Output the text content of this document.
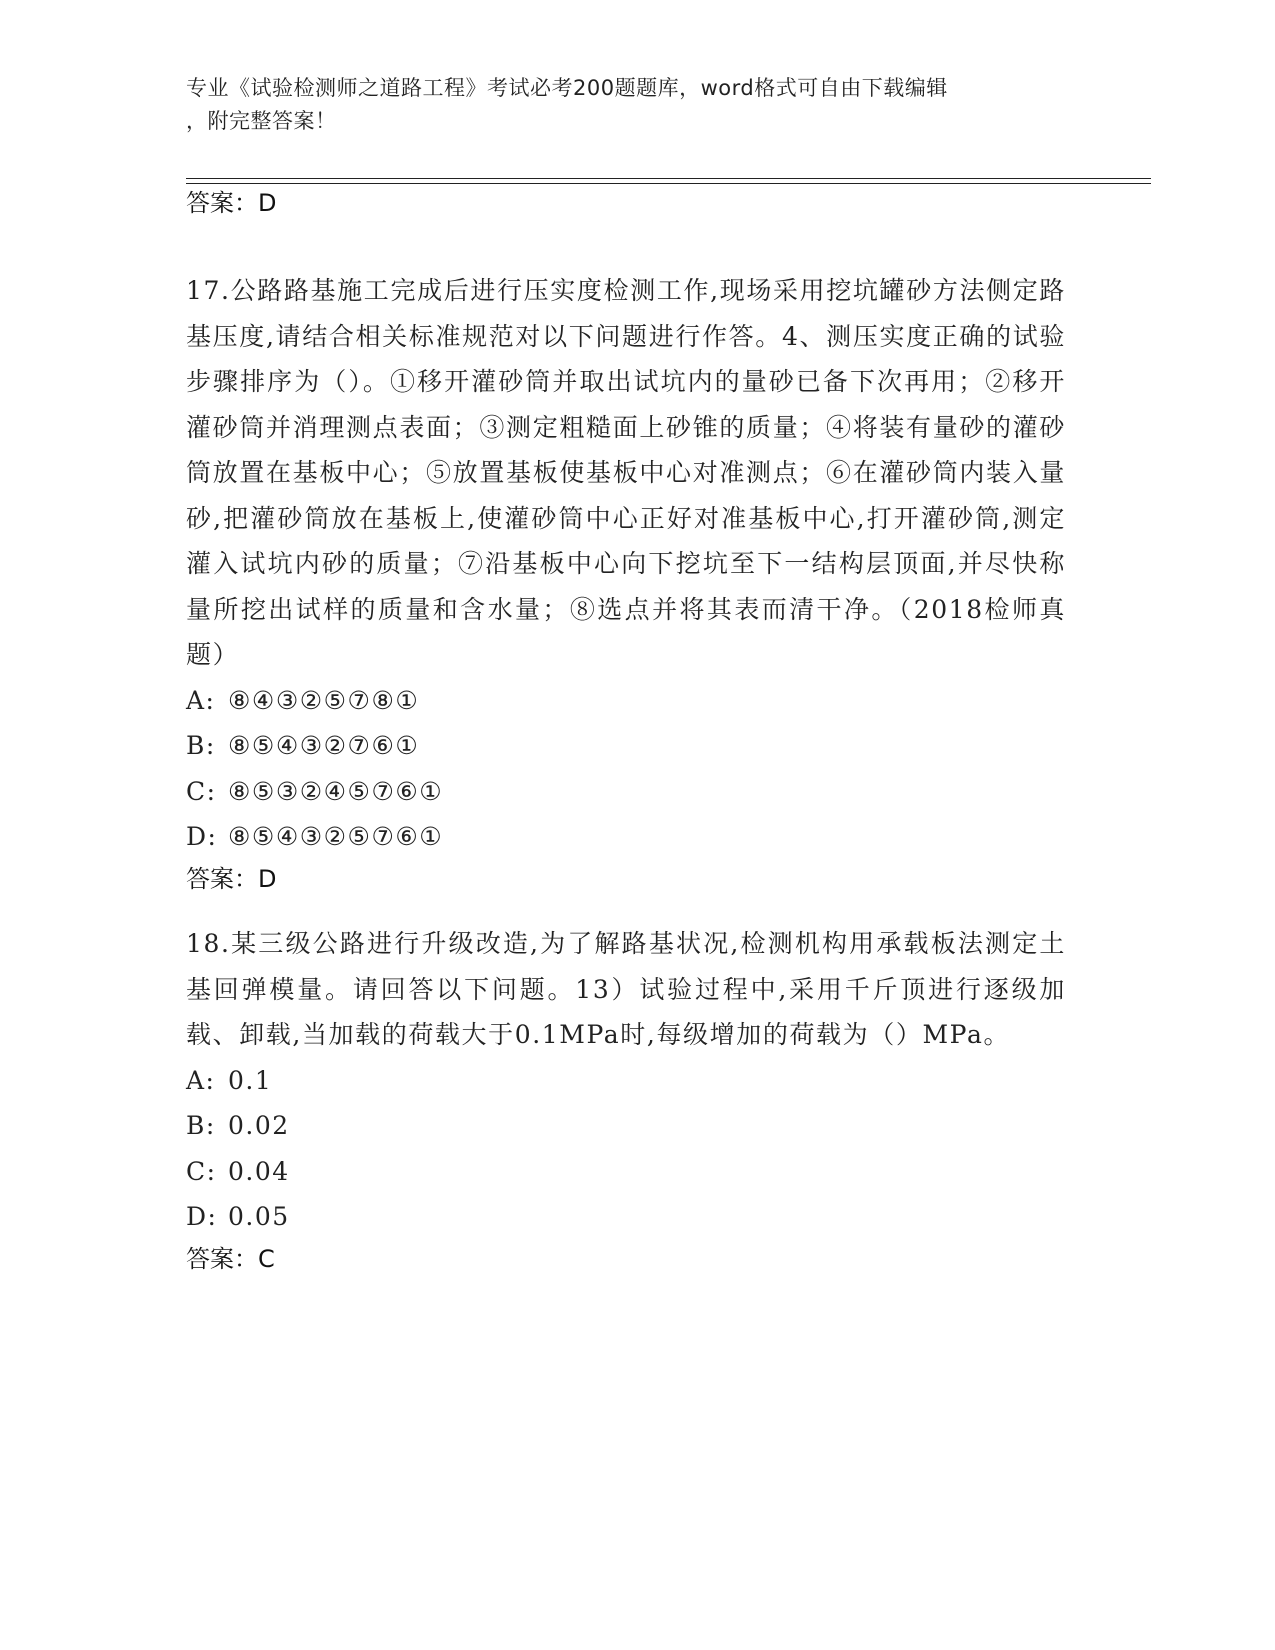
专业《试验检测师之道路工程》考试必考200题题库，word格式可自由下载编辑
，附完整答案！
答案：D
17.公路路基施工完成后进行压实度检测工作,现场采用挖坑罐砂方法侧定路基压度,请结合相关标准规范对以下问题进行作答。4、测压实度正确的试验步骤排序为（）。①移开灌砂筒并取出试坑内的量砂已备下次再用；②移开灌砂筒并消理测点表面；③测定粗糙面上砂锥的质量；④将装有量砂的灌砂筒放置在基板中心；⑤放置基板使基板中心对准测点；⑥在灌砂筒内装入量砂,把灌砂筒放在基板上,使灌砂筒中心正好对准基板中心,打开灌砂筒,测定灌入试坑内砂的质量；⑦沿基板中心向下挖坑至下一结构层顶面,并尽快称量所挖出试样的质量和含水量；⑧选点并将其表而清干净。（2018检师真题）
A: ⑧④③②⑤⑦⑧①
B: ⑧⑤④③②⑦⑥①
C: ⑧⑤③②④⑤⑦⑥①
D: ⑧⑤④③②⑤⑦⑥①
答案：D
18.某三级公路进行升级改造,为了解路基状况,检测机构用承载板法测定土基回弹模量。请回答以下问题。13）试验过程中,采用千斤顶进行逐级加载、卸载,当加载的荷载大于0.1MPa时,每级增加的荷载为（）MPa。
A: 0.1
B: 0.02
C: 0.04
D: 0.05
答案：C
